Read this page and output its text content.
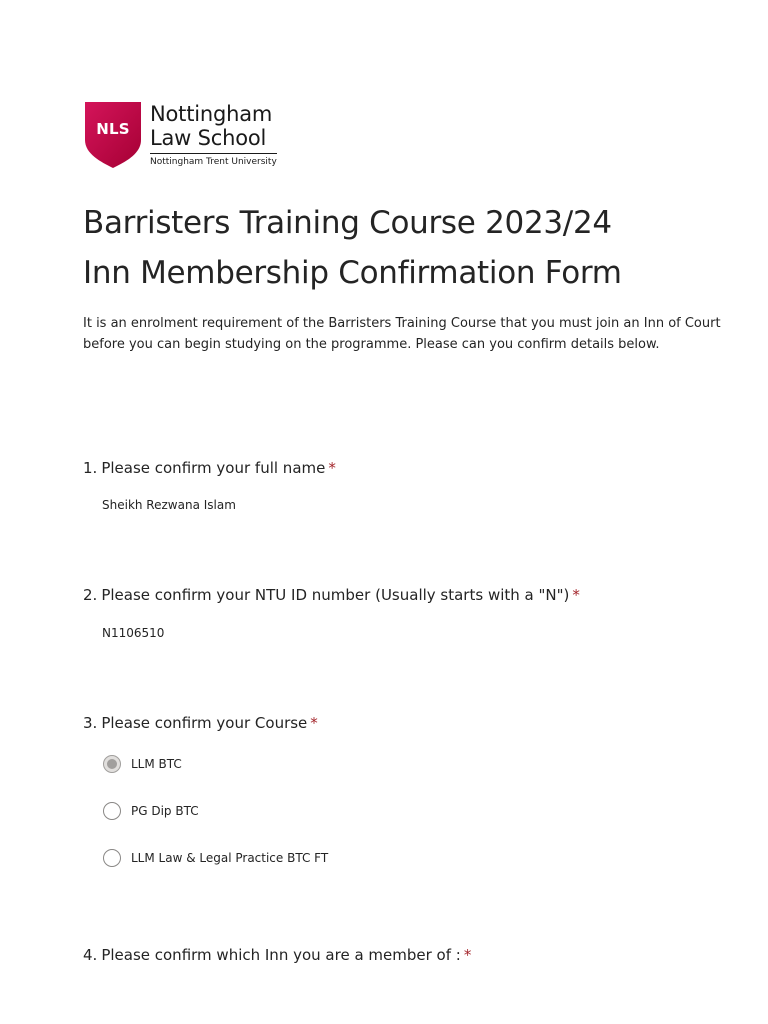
NLS
Nottingham
Law School
Nottingham Trent University
Barristers Training Course 2023/24
Inn Membership Confirmation Form
It is an enrolment requirement of the Barristers Training Course that you must join an Inn of Court before you can begin studying on the programme. Please can you confirm details below.
1. Please confirm your full name *
Sheikh Rezwana Islam
2. Please confirm your NTU ID number (Usually starts with a "N") *
N1106510
3. Please confirm your Course *
LLM BTC
PG Dip BTC
LLM Law & Legal Practice BTC FT
4. Please confirm which Inn you are a member of : *
